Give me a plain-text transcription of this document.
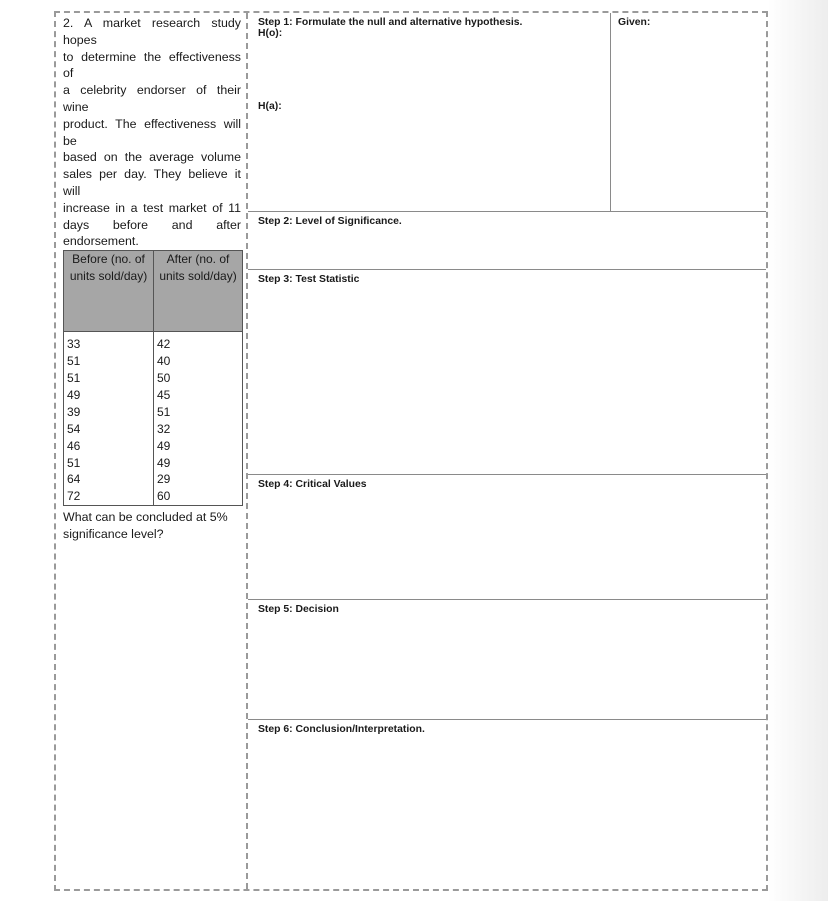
2. A market research study hopes
to determine the effectiveness of
a celebrity endorser of their wine
product. The effectiveness will be
based on the average volume
sales per day. They believe it will
increase in a test market of 11
days before and after
endorsement.
Before (no. of units sold/day)	After (no. of units sold/day)
33	42
51	40
51	50
49	45
39	51
54	32
46	49
51	49
64	29
72	60
What can be concluded at 5% significance level?
Step 1: Formulate the null and alternative hypothesis.
H(o):
H(a):
Given:
Step 2: Level of Significance.
Step 3: Test Statistic
Step 4: Critical Values
Step 5: Decision
Step 6: Conclusion/Interpretation.
